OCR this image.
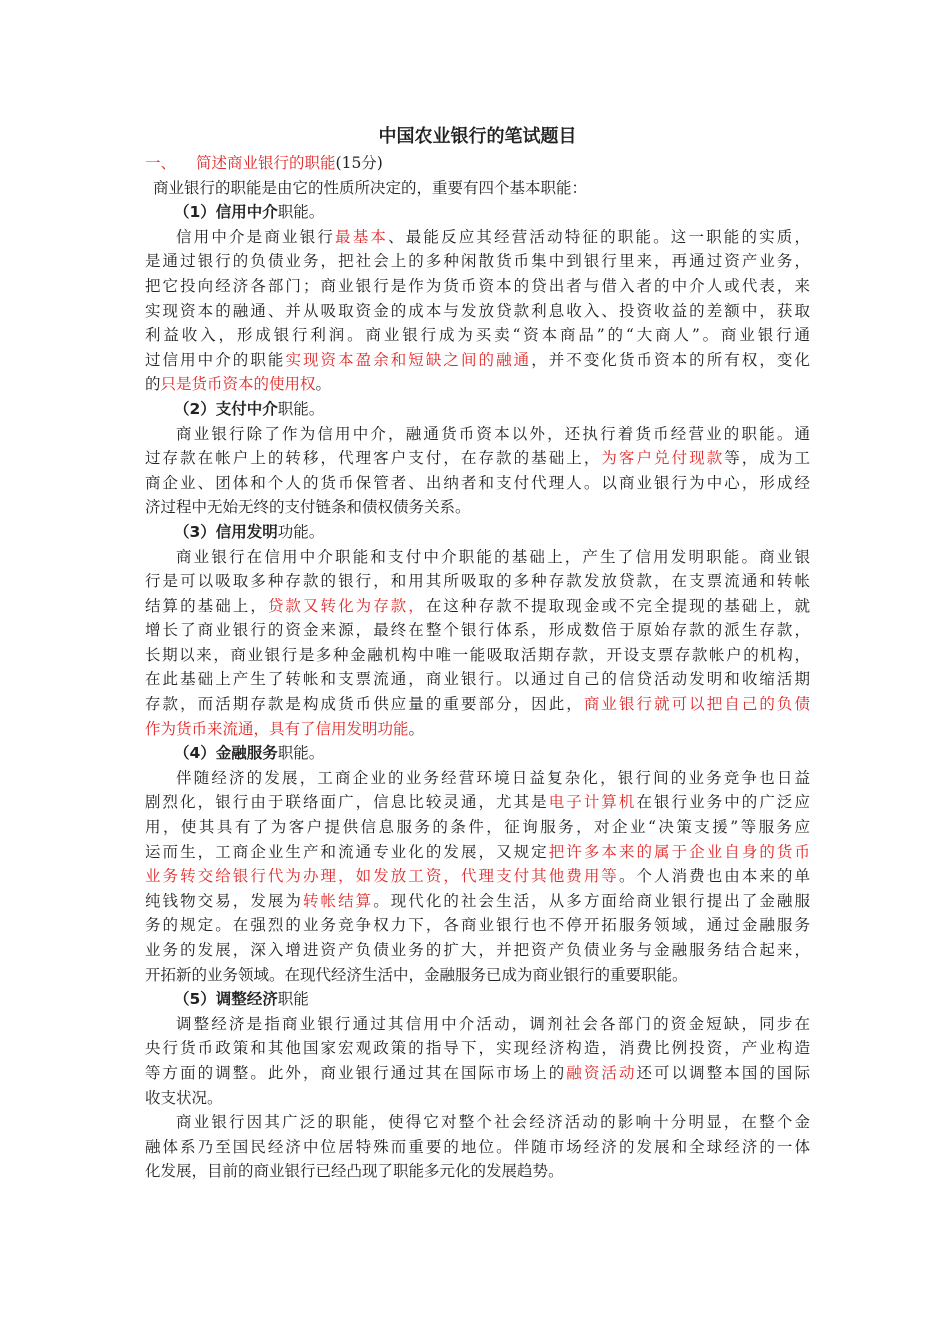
中国农业银行的笔试题目

一、 简述商业银行的职能(15分)

商业银行的职能是由它的性质所决定的，重要有四个基本职能：

（1）信用中介职能。

信用中介是商业银行最基本、最能反应其经营活动特征的职能。这一职能的实质，

是通过银行的负债业务，把社会上的多种闲散货币集中到银行里来，再通过资产业务，

把它投向经济各部门；商业银行是作为货币资本的贷出者与借入者的中介人或代表，来

实现资本的融通、并从吸取资金的成本与发放贷款利息收入、投资收益的差额中，获取

利益收入，形成银行利润。商业银行成为买卖“资本商品”的“大商人”。商业银行通

过信用中介的职能实现资本盈余和短缺之间的融通，并不变化货币资本的所有权，变化

的只是货币资本的使用权。

（2）支付中介职能。

商业银行除了作为信用中介，融通货币资本以外，还执行着货币经营业的职能。通

过存款在帐户上的转移，代理客户支付，在存款的基础上，为客户兑付现款等，成为工

商企业、团体和个人的货币保管者、出纳者和支付代理人。以商业银行为中心，形成经

济过程中无始无终的支付链条和债权债务关系。

（3）信用发明功能。

商业银行在信用中介职能和支付中介职能的基础上，产生了信用发明职能。商业银

行是可以吸取多种存款的银行，和用其所吸取的多种存款发放贷款，在支票流通和转帐

结算的基础上，贷款又转化为存款，在这种存款不提取现金或不完全提现的基础上，就

增长了商业银行的资金来源，最终在整个银行体系，形成数倍于原始存款的派生存款，

长期以来，商业银行是多种金融机构中唯一能吸取活期存款，开设支票存款帐户的机构，

在此基础上产生了转帐和支票流通，商业银行。以通过自己的信贷活动发明和收缩活期

存款，而活期存款是构成货币供应量的重要部分，因此，商业银行就可以把自己的负债

作为货币来流通，具有了信用发明功能。

（4）金融服务职能。

伴随经济的发展，工商企业的业务经营环境日益复杂化，银行间的业务竞争也日益

剧烈化，银行由于联络面广，信息比较灵通，尤其是电子计算机在银行业务中的广泛应

用，使其具有了为客户提供信息服务的条件，征询服务，对企业“决策支援”等服务应

运而生，工商企业生产和流通专业化的发展，又规定把许多本来的属于企业自身的货币

业务转交给银行代为办理，如发放工资，代理支付其他费用等。个人消费也由本来的单

纯钱物交易，发展为转帐结算。现代化的社会生活，从多方面给商业银行提出了金融服

务的规定。在强烈的业务竞争权力下，各商业银行也不停开拓服务领域，通过金融服务

业务的发展，深入增进资产负债业务的扩大，并把资产负债业务与金融服务结合起来，

开拓新的业务领域。在现代经济生活中，金融服务已成为商业银行的重要职能。

（5）调整经济职能

调整经济是指商业银行通过其信用中介活动，调剂社会各部门的资金短缺，同步在

央行货币政策和其他国家宏观政策的指导下，实现经济构造，消费比例投资，产业构造

等方面的调整。此外，商业银行通过其在国际市场上的融资活动还可以调整本国的国际

收支状况。

商业银行因其广泛的职能，使得它对整个社会经济活动的影响十分明显，在整个金

融体系乃至国民经济中位居特殊而重要的地位。伴随市场经济的发展和全球经济的一体

化发展，目前的商业银行已经凸现了职能多元化的发展趋势。
